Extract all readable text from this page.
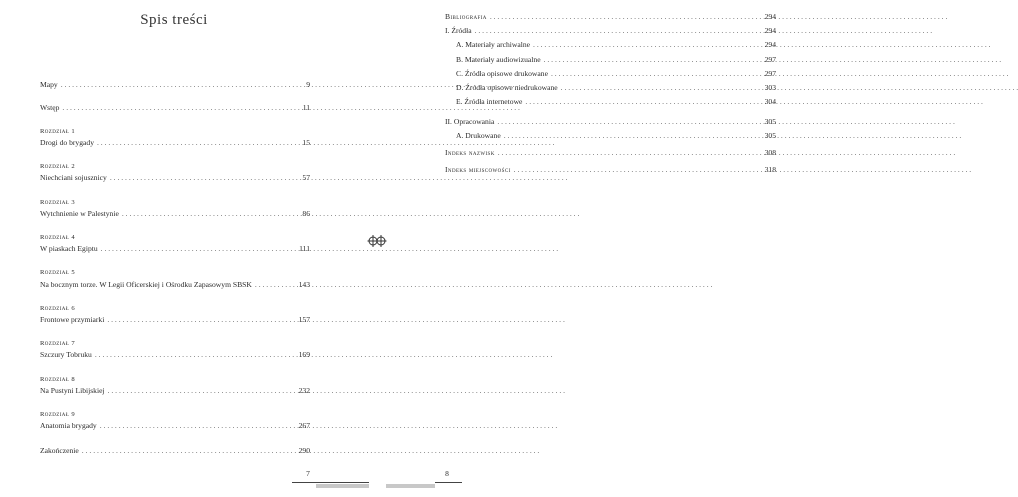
Spis treści
Mapy . . .	9
Wstęp . . .	11
Rozdział 1
Drogi do brygady . . .	15
Rozdział 2
Niechciani sojusznicy . . .	57
Rozdział 3
Wytchnienie w Palestynie . . .	86
Rozdział 4
W piaskach Egiptu . . .	111
Rozdział 5
Na bocznym torze. W Legii Oficerskiej i Ośrodku Zapasowym SBSK . . .	143
Rozdział 6
Frontowe przymiarki . . .	157
Rozdział 7
Szczury Tobruku . . .	169
Rozdział 8
Na Pustyni Libijskiej . . .	232
Rozdział 9
Anatomia brygady . . .	267
Zakończenie . . .	290
7
Bibliografia . . .	294
I. Źródła . . .	294
A. Materiały archiwalne . . .	294
B. Materiały audiowizualne . . .	297
C. Źródła opisowe drukowane . . .	297
D. Źródła opisowe niedrukowane . . .	303
E. Źródła internetowe . . .	304
II. Opracowania . . .	305
A. Drukowane . . .	305
Indeks nazwisk . . .	308
Indeks miejscowości . . .	318
8
